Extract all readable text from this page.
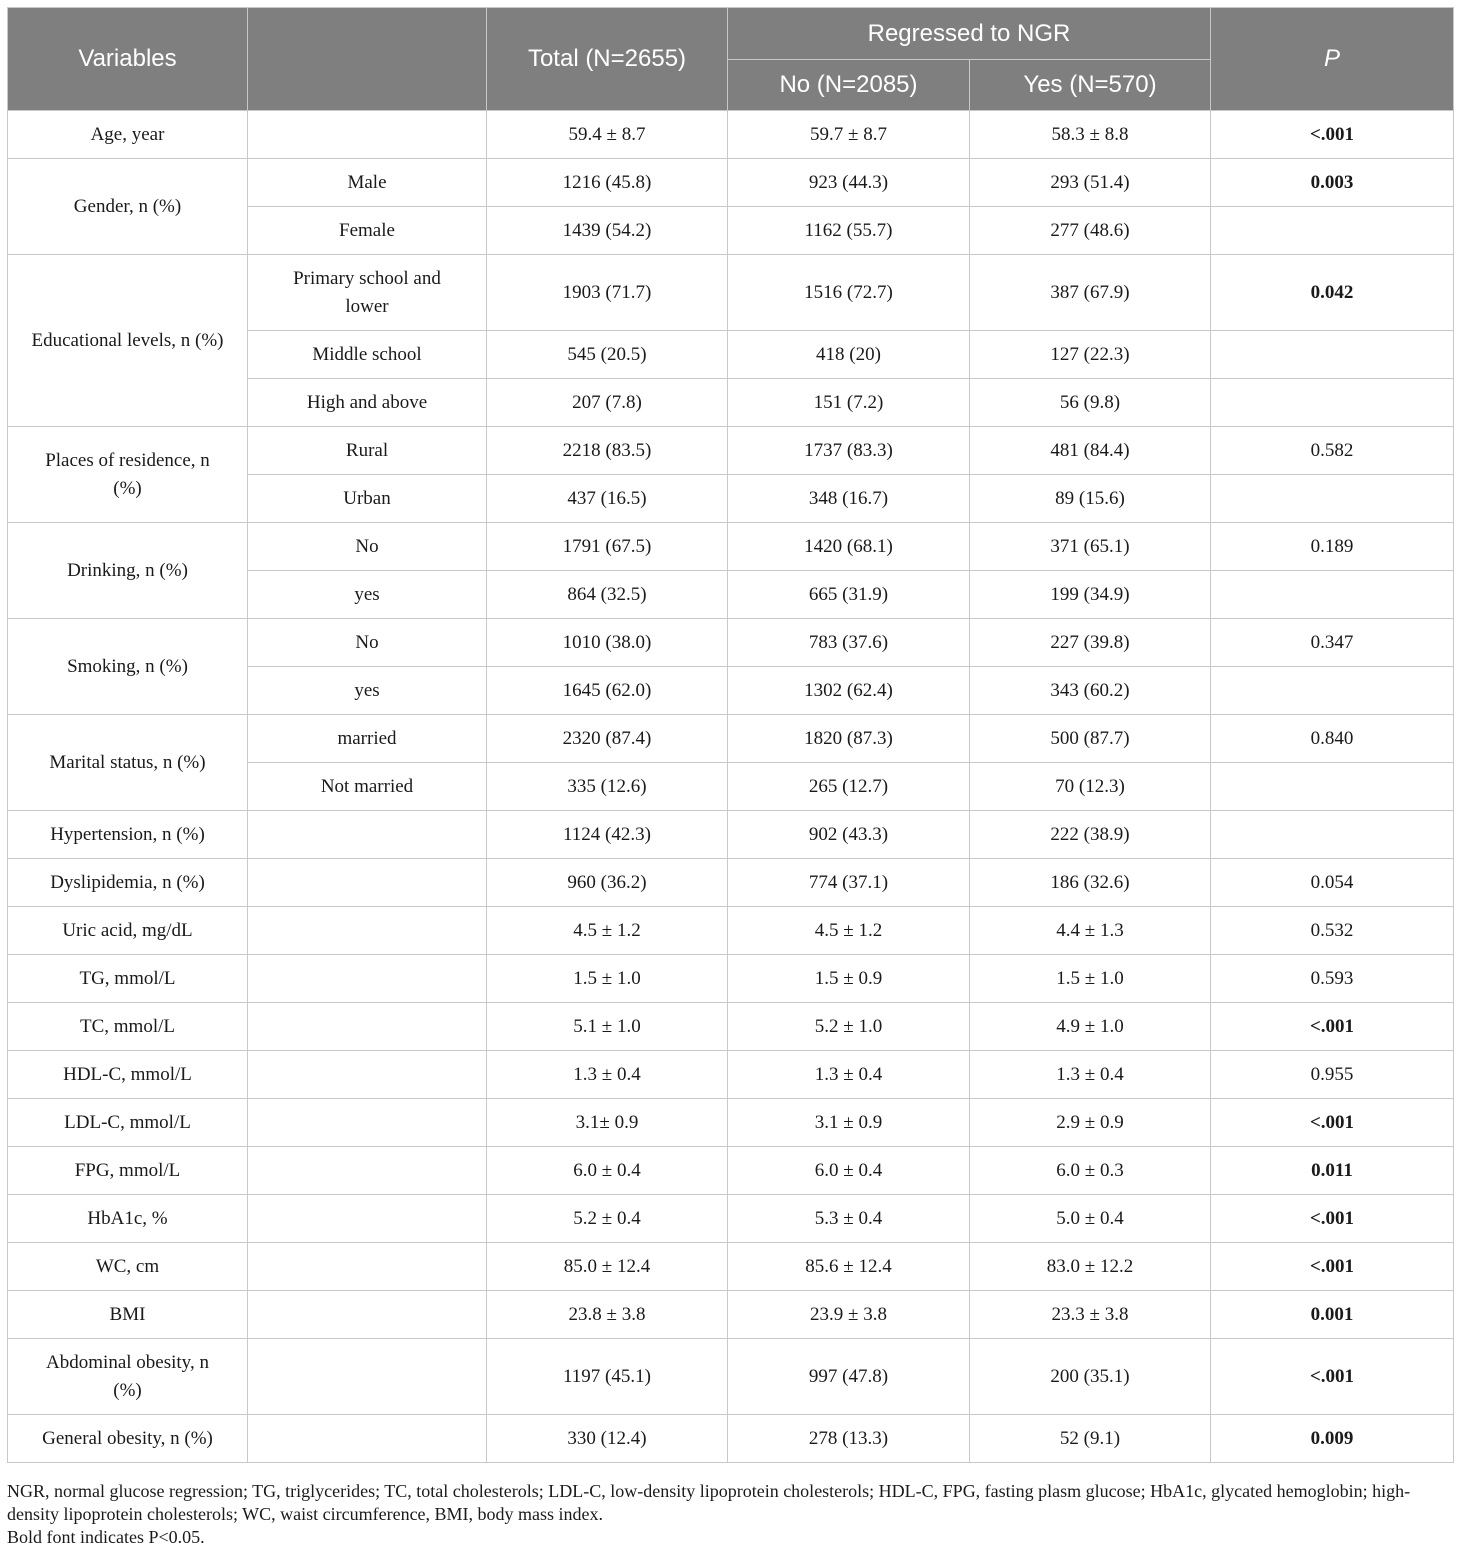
Variables		Total (N=2655)	Regressed to NGR		P
			No (N=2085)	Yes (N=570)	
Age, year		59.4 ± 8.7	59.7 ± 8.7	58.3 ± 8.8	<.001
Gender, n (%)	Male	1216 (45.8)	923 (44.3)	293 (51.4)	0.003
	Female	1439 (54.2)	1162 (55.7)	277 (48.6)	
Educational levels, n (%)	Primary school and lower	1903 (71.7)	1516 (72.7)	387 (67.9)	0.042
	Middle school	545 (20.5)	418 (20)	127 (22.3)	
	High and above	207 (7.8)	151 (7.2)	56 (9.8)	
Places of residence, n (%)	Rural	2218 (83.5)	1737 (83.3)	481 (84.4)	0.582
	Urban	437 (16.5)	348 (16.7)	89 (15.6)	
Drinking, n (%)	No	1791 (67.5)	1420 (68.1)	371 (65.1)	0.189
	yes	864 (32.5)	665 (31.9)	199 (34.9)	
Smoking, n (%)	No	1010 (38.0)	783 (37.6)	227 (39.8)	0.347
	yes	1645 (62.0)	1302 (62.4)	343 (60.2)	
Marital status, n (%)	married	2320 (87.4)	1820 (87.3)	500 (87.7)	0.840
	Not married	335 (12.6)	265 (12.7)	70 (12.3)	
Hypertension, n (%)		1124 (42.3)	902 (43.3)	222 (38.9)	
Dyslipidemia, n (%)		960 (36.2)	774 (37.1)	186 (32.6)	0.054
Uric acid, mg/dL		4.5 ± 1.2	4.5 ± 1.2	4.4 ± 1.3	0.532
TG, mmol/L		1.5 ± 1.0	1.5 ± 0.9	1.5 ± 1.0	0.593
TC, mmol/L		5.1 ± 1.0	5.2 ± 1.0	4.9 ± 1.0	<.001
HDL-C, mmol/L		1.3 ± 0.4	1.3 ± 0.4	1.3 ± 0.4	0.955
LDL-C, mmol/L		3.1± 0.9	3.1 ± 0.9	2.9 ± 0.9	<.001
FPG, mmol/L		6.0 ± 0.4	6.0 ± 0.4	6.0 ± 0.3	0.011
HbA1c, %		5.2 ± 0.4	5.3 ± 0.4	5.0 ± 0.4	<.001
WC, cm		85.0 ± 12.4	85.6 ± 12.4	83.0 ± 12.2	<.001
BMI		23.8 ± 3.8	23.9 ± 3.8	23.3 ± 3.8	0.001
Abdominal obesity, n (%)		1197 (45.1)	997 (47.8)	200 (35.1)	<.001
General obesity, n (%)		330 (12.4)	278 (13.3)	52 (9.1)	0.009
NGR, normal glucose regression; TG, triglycerides; TC, total cholesterols; LDL-C, low-density lipoprotein cholesterols; HDL-C, FPG, fasting plasm glucose; HbA1c, glycated hemoglobin; high-density lipoprotein cholesterols; WC, waist circumference, BMI, body mass index.
Bold font indicates P<0.05.
